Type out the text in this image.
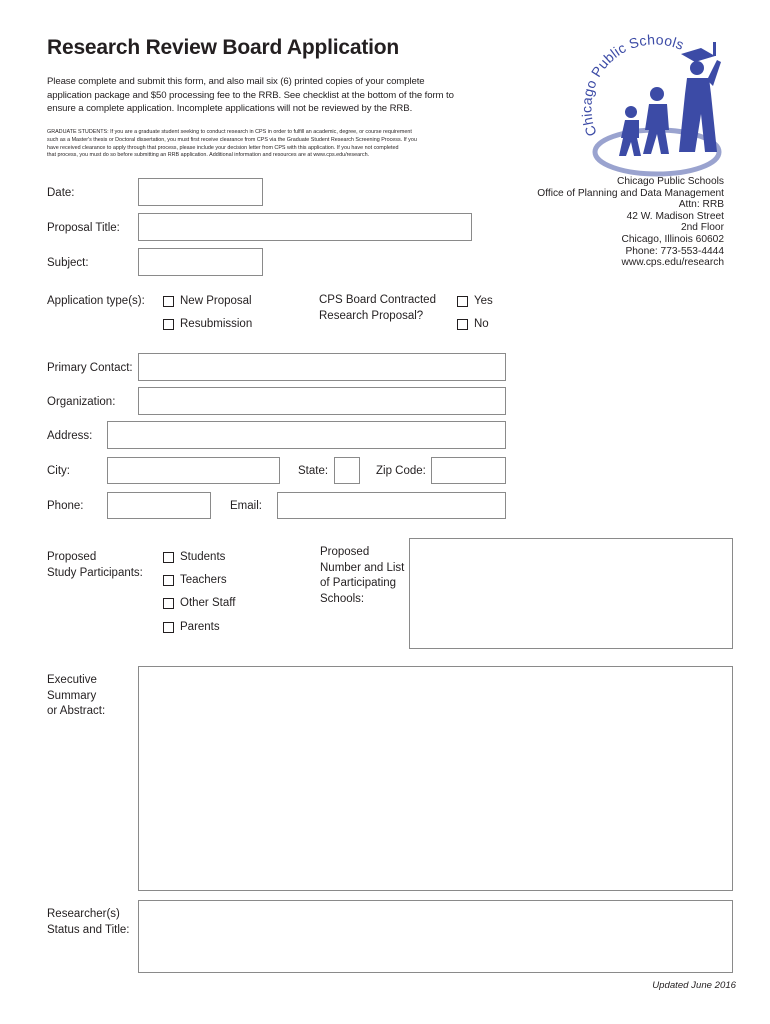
Research Review Board Application

Please complete and submit this form, and also mail six (6) printed copies of your complete

application package and $50 processing fee to the RRB. See checklist at the bottom of the form to

ensure a complete application. Incomplete applications will not be reviewed by the RRB.

GRADUATE STUDENTS: If you are a graduate student seeking to conduct research in CPS in order to fulfill an academic, degree, or course requirement
such as a Master's thesis or Doctoral dissertation, you must first receive clearance from CPS via the Graduate Student Research Screening Process. If you
have received clearance to apply through that process, please include your decision letter from CPS with this application. If you have not completed
that process, you must do so before submitting an RRB application. Additional information and resources are at www.cps.edu/research.
Chicago Public Schools
Chicago Public Schools
Office of Planning and Data Management
Attn: RRB
42 W. Madison Street
2nd Floor
Chicago, Illinois 60602
Phone: 773-553-4444
www.cps.edu/research
Date:
Proposal Title:
Subject:
Application type(s):	New Proposal
Resubmission
CPS Board Contracted
Research Proposal?
Yes
No
Primary Contact:
Organization:
Address:
City:	State:	Zip Code:
Phone:	Email:
Proposed
Study Participants:
Students
Teachers
Other Staff
Parents
Proposed
Number and List
of Participating
Schools:
Executive
Summary
or Abstract:
Researcher(s)
Status and Title:
Updated June 2016
